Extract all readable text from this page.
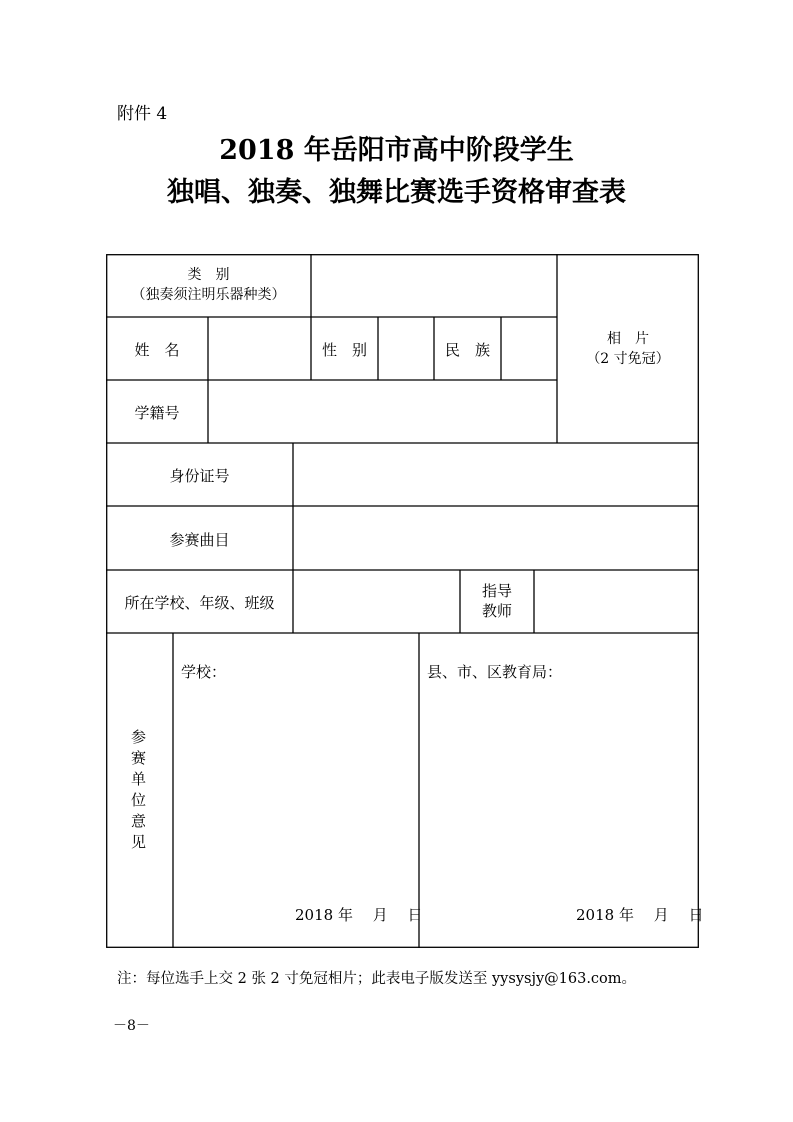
附件 4
2018 年岳阳市高中阶段学生
独唱、独奏、独舞比赛选手资格审查表
类　别
（独奏须注明乐器种类）
相　片
（2 寸免冠）
姓　名	性　别	民　族
学籍号
身份证号
参赛曲目
所在学校、年级、班级
指导
教师
参赛单位意见
学校：
2018 年　 月　 日
县、市、区教育局：
2018 年　 月　 日
注：每位选手上交 2 张 2 寸免冠相片；此表电子版发送至 yysysjy@163.com。
－8－
